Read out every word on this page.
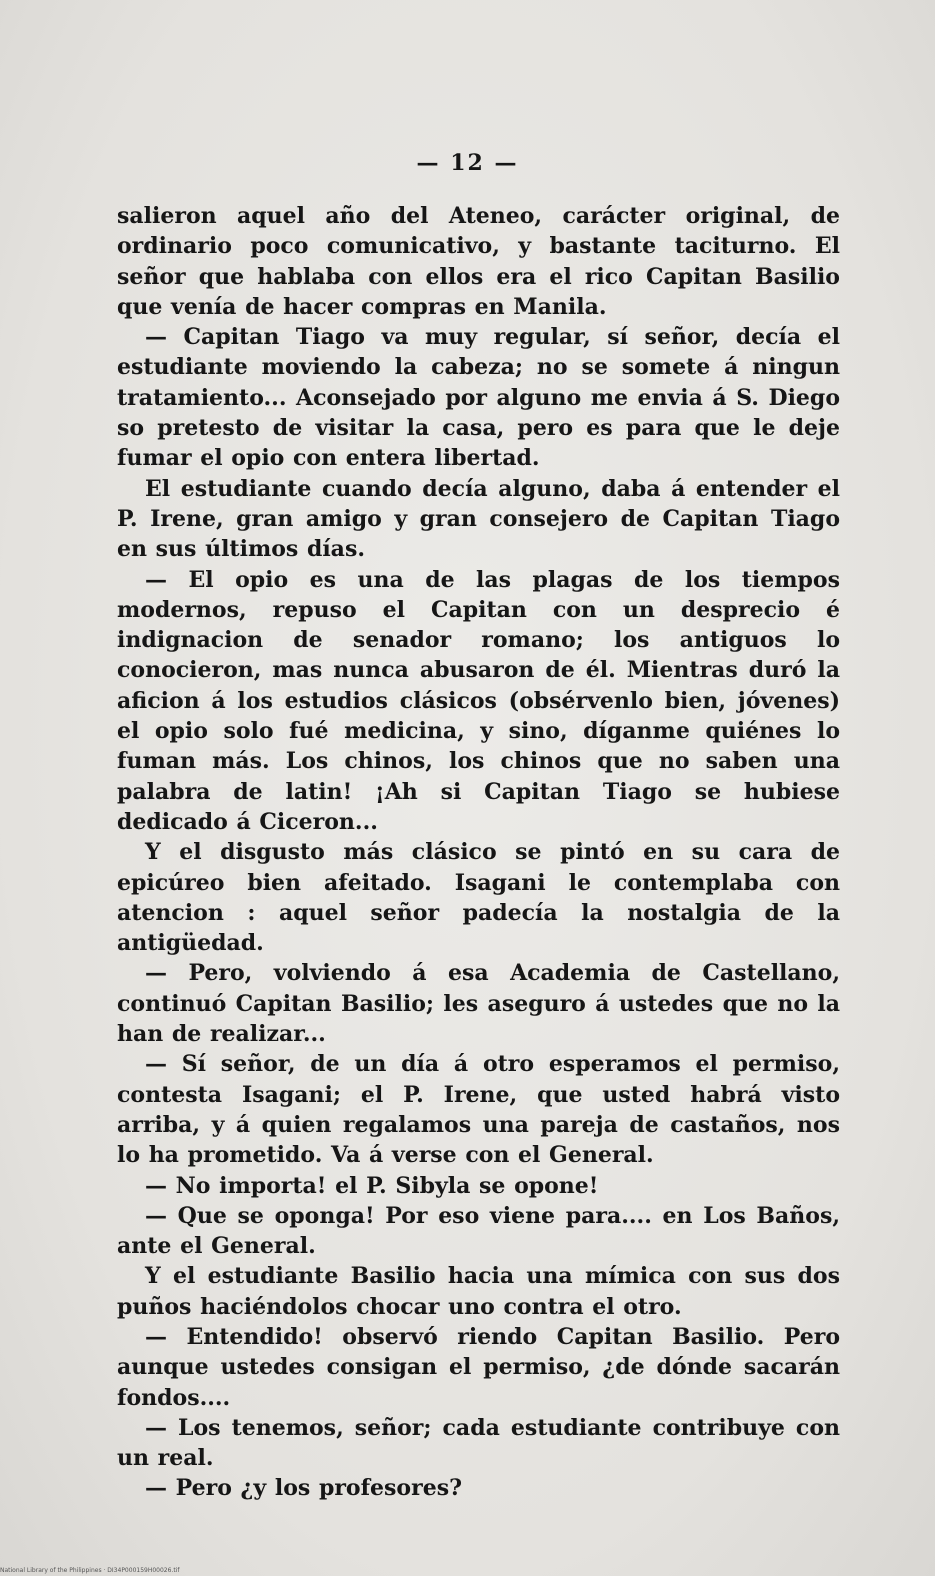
— 12 —

salieron aquel año del Ateneo, carácter original, de ordinario poco comunicativo, y bastante taciturno. El señor que hablaba con ellos era el rico Capitan Basilio que venía de hacer compras en Manila.

— Capitan Tiago va muy regular, sí señor, decía el estudiante moviendo la cabeza; no se somete á ningun tratamiento... Aconsejado por alguno me envia á S. Diego so pretesto de visitar la casa, pero es para que le deje fumar el opio con entera libertad.

El estudiante cuando decía alguno, daba á entender el P. Irene, gran amigo y gran consejero de Capitan Tiago en sus últimos días.

— El opio es una de las plagas de los tiempos modernos, repuso el Capitan con un desprecio é indignacion de senador romano; los antiguos lo conocieron, mas nunca abusaron de él. Mientras duró la aficion á los estudios clásicos (obsérvenlo bien, jóvenes) el opio solo fué medicina, y sino, díganme quiénes lo fuman más. Los chinos, los chinos que no saben una palabra de latin! ¡Ah si Capitan Tiago se hubiese dedicado á Ciceron...

Y el disgusto más clásico se pintó en su cara de epicúreo bien afeitado. Isagani le contemplaba con atencion : aquel señor padecía la nostalgia de la antigüedad.

— Pero, volviendo á esa Academia de Castellano, continuó Capitan Basilio; les aseguro á ustedes que no la han de realizar...

— Sí señor, de un día á otro esperamos el permiso, contesta Isagani; el P. Irene, que usted habrá visto arriba, y á quien regalamos una pareja de castaños, nos lo ha prometido. Va á verse con el General.

— No importa! el P. Sibyla se opone!

— Que se oponga! Por eso viene para.... en Los Baños, ante el General.

Y el estudiante Basilio hacia una mímica con sus dos puños haciéndolos chocar uno contra el otro.

— Entendido! observó riendo Capitan Basilio. Pero aunque ustedes consigan el permiso, ¿de dónde sacarán fondos....

— Los tenemos, señor; cada estudiante contribuye con un real.

— Pero ¿y los profesores?

National Library of the Philippines · DI34P000159H00026.tif
